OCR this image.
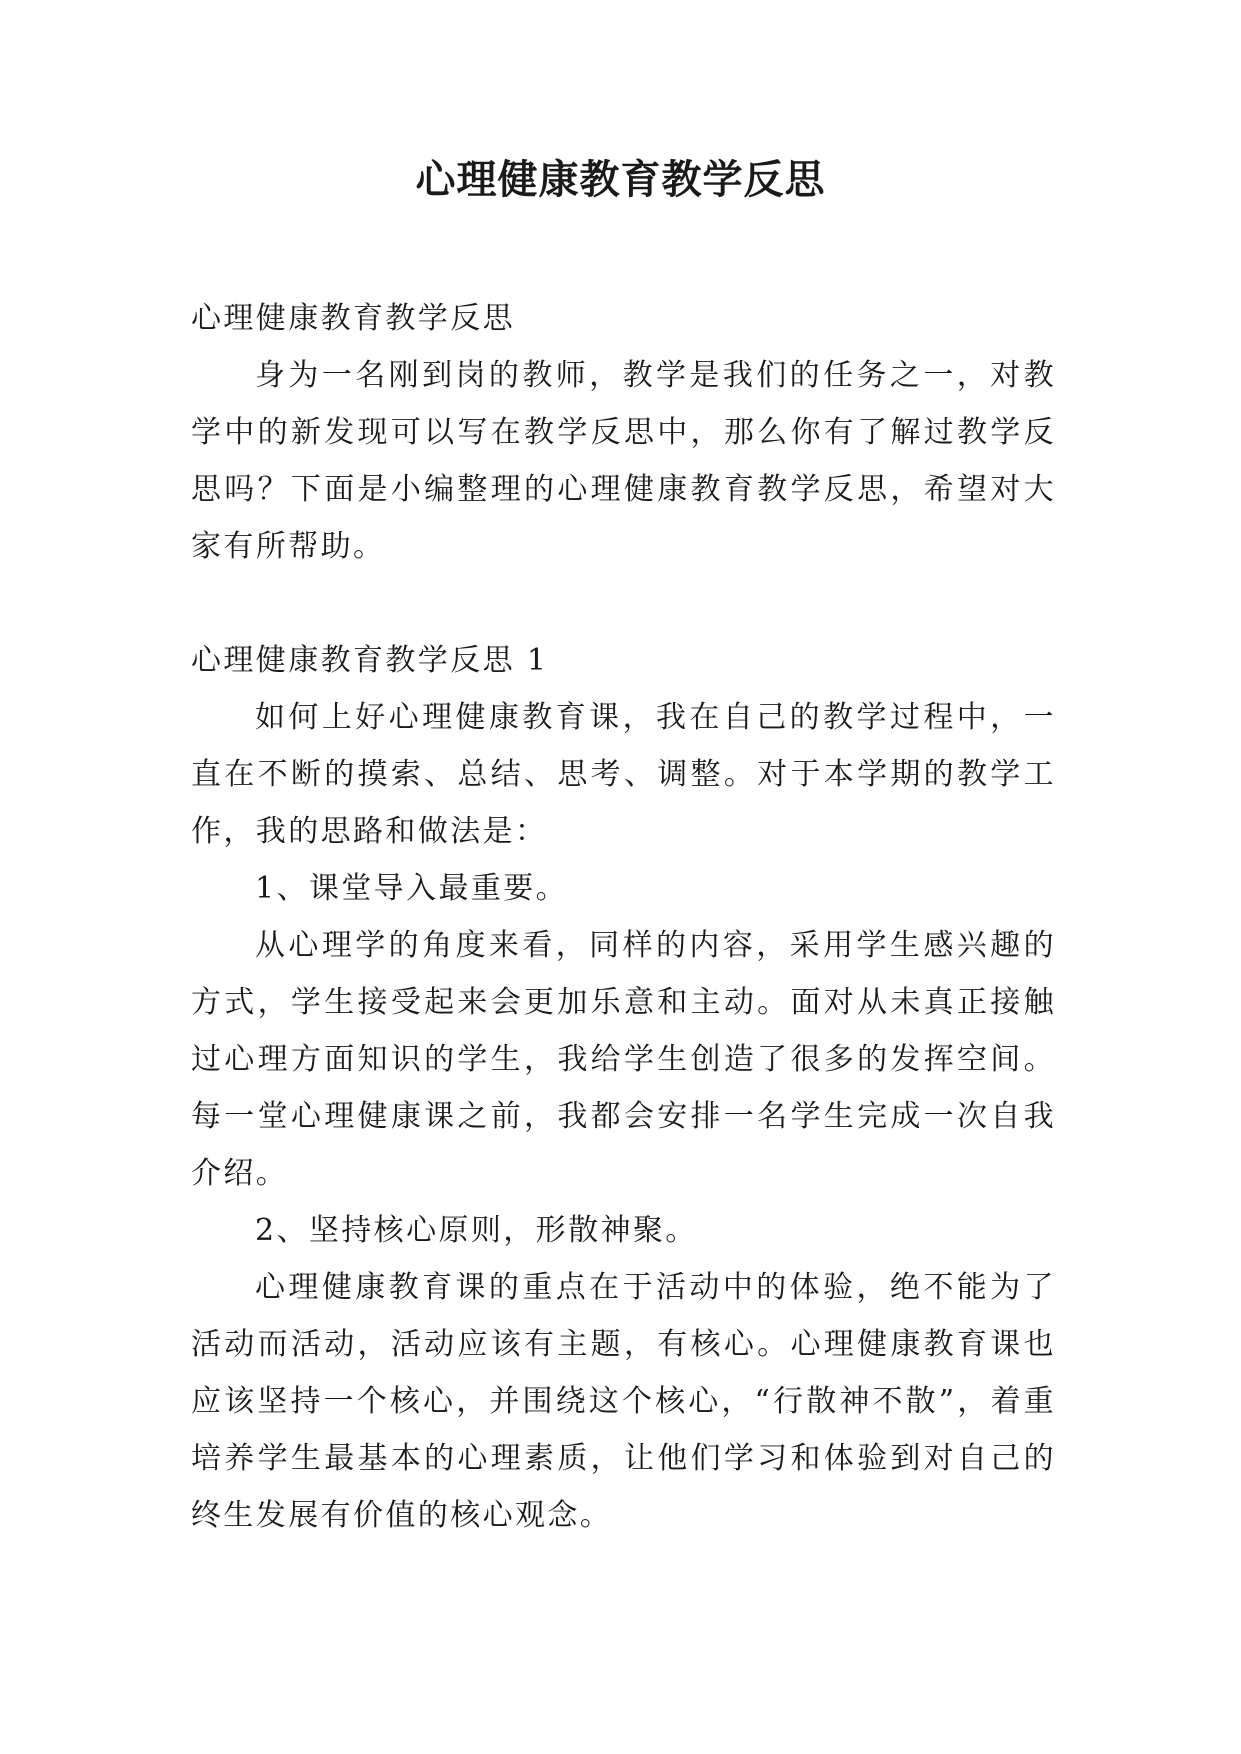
心理健康教育教学反思

心理健康教育教学反思

身为一名刚到岗的教师，教学是我们的任务之一，对教学中的新发现可以写在教学反思中，那么你有了解过教学反思吗？下面是小编整理的心理健康教育教学反思，希望对大家有所帮助。

心理健康教育教学反思 1

如何上好心理健康教育课，我在自己的教学过程中，一直在不断的摸索、总结、思考、调整。对于本学期的教学工作，我的思路和做法是：

1、课堂导入最重要。

从心理学的角度来看，同样的内容，采用学生感兴趣的方式，学生接受起来会更加乐意和主动。面对从未真正接触过心理方面知识的学生，我给学生创造了很多的发挥空间。每一堂心理健康课之前，我都会安排一名学生完成一次自我介绍。

2、坚持核心原则，形散神聚。

心理健康教育课的重点在于活动中的体验，绝不能为了活动而活动，活动应该有主题，有核心。心理健康教育课也应该坚持一个核心，并围绕这个核心，“行散神不散”，着重培养学生最基本的心理素质，让他们学习和体验到对自己的终生发展有价值的核心观念。
